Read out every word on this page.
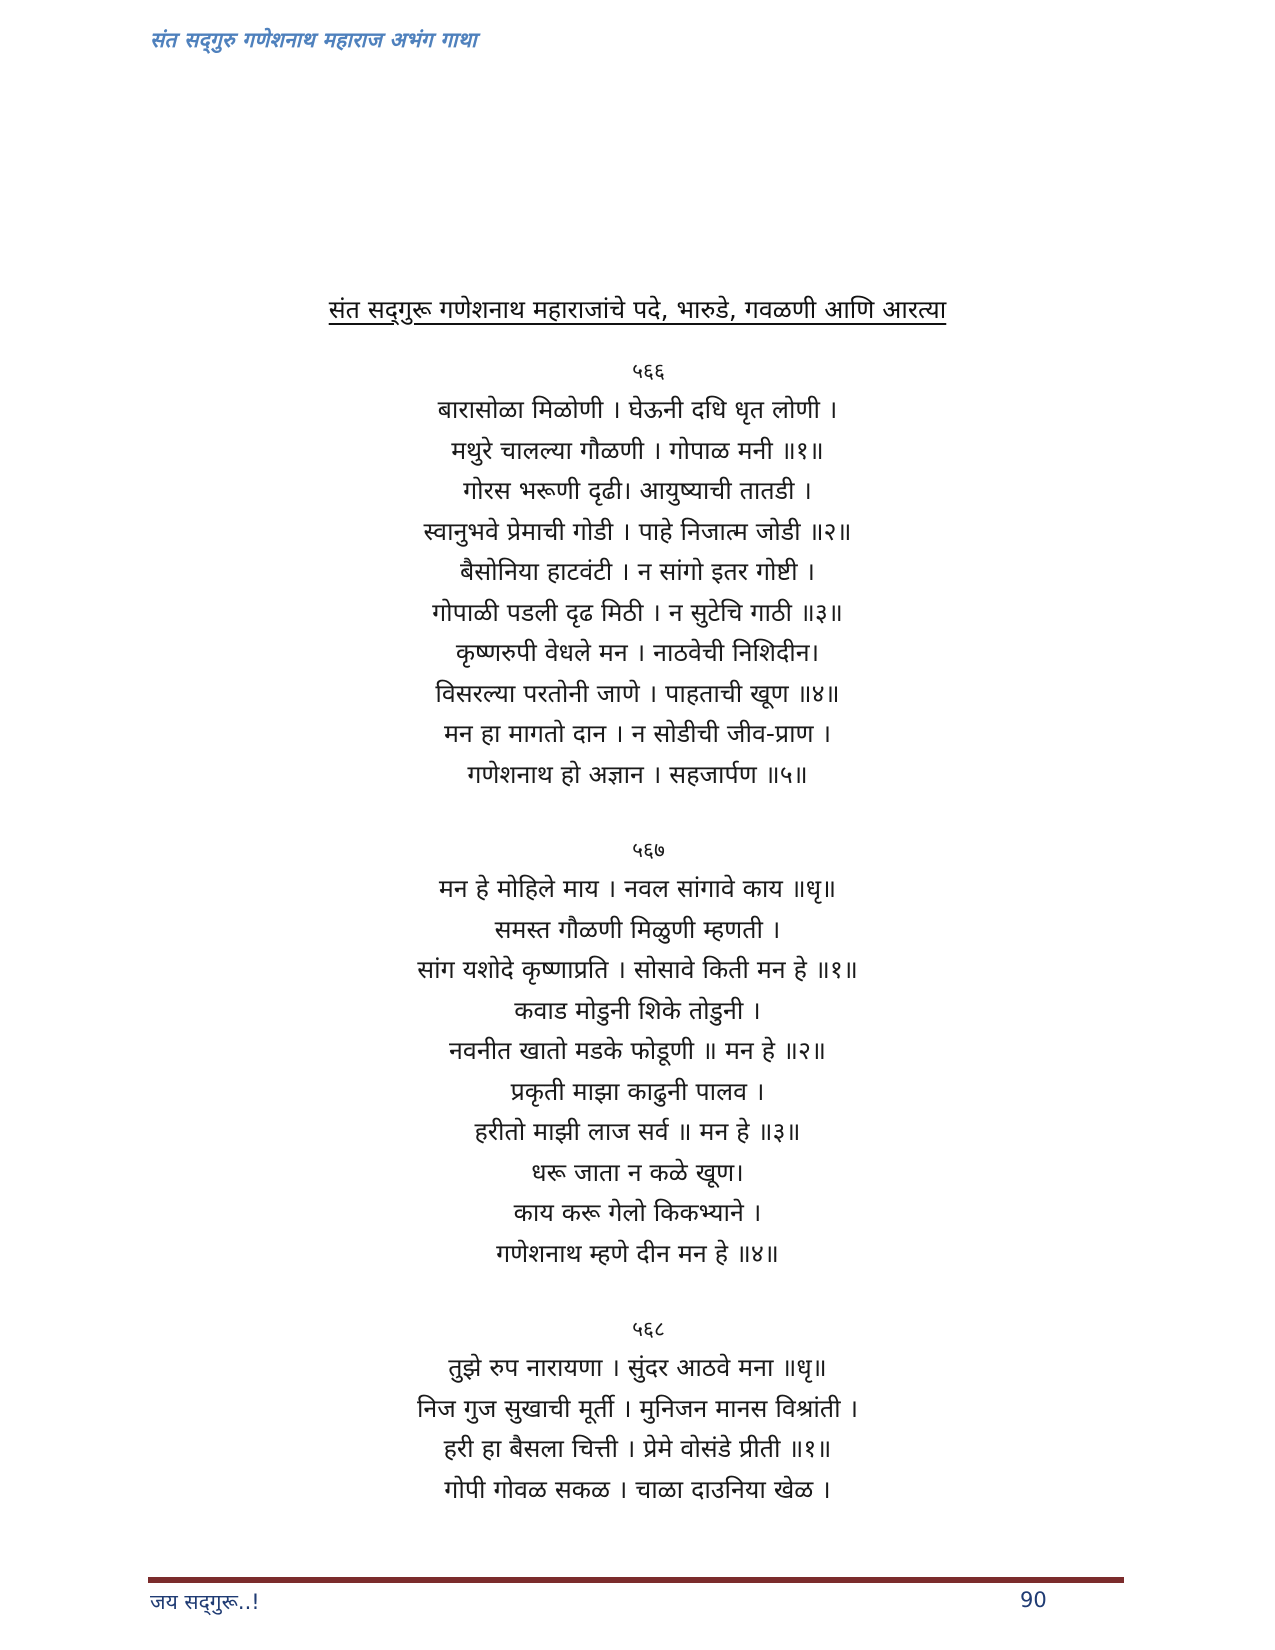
संत सद्‌गुरु गणेशनाथ महाराज अभंग गाथा
संत सद्‌गुरू गणेशनाथ महाराजांचे पदे, भारुडे, गवळणी आणि आरत्या
५६६
बारासोळा मिळोणी । घेऊनी दधि धृत लोणी ।
मथुरे चालल्या गौळणी । गोपाळ मनी ॥१॥
गोरस भरूणी दृढी। आयुष्याची तातडी ।
स्वानुभवे प्रेमाची गोडी । पाहे निजात्म जोडी ॥२॥
बैसोनिया हाटवंटी । न सांगो इतर गोष्टी ।
गोपाळी पडली दृढ मिठी । न सुटेचि गाठी ॥३॥
कृष्णरुपी वेधले मन । नाठवेची निशिदीन।
विसरल्या परतोनी जाणे । पाहताची खूण ॥४॥
मन हा मागतो दान । न सोडीची जीव-प्राण ।
गणेशनाथ हो अज्ञान । सहजार्पण ॥५॥
५६७
मन हे मोहिले माय । नवल सांगावे काय ॥धृ॥
समस्त गौळणी मिळुणी म्हणती ।
सांग यशोदे कृष्णाप्रति । सोसावे किती मन हे ॥१॥
कवाड मोडुनी शिके तोडुनी ।
नवनीत खातो मडके फोडूणी ॥ मन हे ॥२॥
प्रकृती माझा काढुनी पालव ।
हरीतो माझी लाज सर्व ॥ मन हे ॥३॥
धरू जाता न कळे खूण।
काय करू गेलो किकभ्याने ।
गणेशनाथ म्हणे दीन मन हे ॥४॥
५६८
तुझे रुप नारायणा । सुंदर आठवे मना ॥धृ॥
निज गुज सुखाची मूर्ती । मुनिजन मानस विश्रांती ।
हरी हा बैसला चित्ती । प्रेमे वोसंडे प्रीती ॥१॥
गोपी गोवळ सकळ । चाळा दाउनिया खेळ ।
जय सद्‌गुरू..!	90
